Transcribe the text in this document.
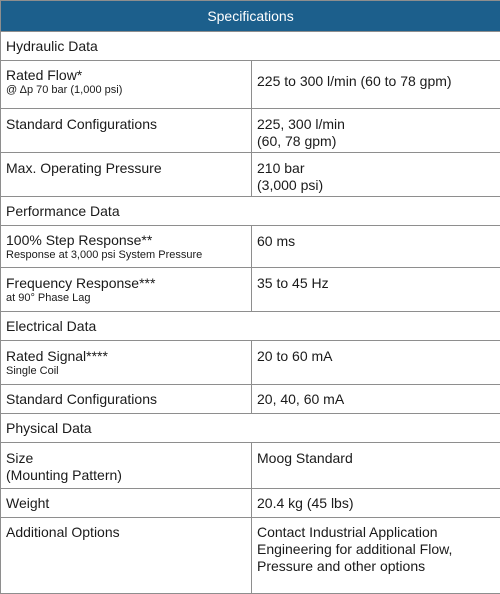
Specifications	
Hydraulic Data	

Rated Flow*
@ Δp 70 bar (1,000 psi)	225 to 300 l/min (60 to 78 gpm)

Standard Configurations	225, 300 l/min
(60, 78 gpm)

Max. Operating Pressure	210 bar
(3,000 psi)

Performance Data	

100% Step Response**
Response at 3,000 psi System Pressure	60 ms

Frequency Response***
at 90° Phase Lag	35 to 45 Hz

Electrical Data	

Rated Signal****
Single Coil	20 to 60 mA

Standard Configurations	20, 40, 60 mA

Physical Data	

Size
(Mounting Pattern)	Moog Standard

Weight	20.4 kg (45 lbs)

Additional Options	Contact Industrial Application
Engineering for additional Flow,
Pressure and other options
